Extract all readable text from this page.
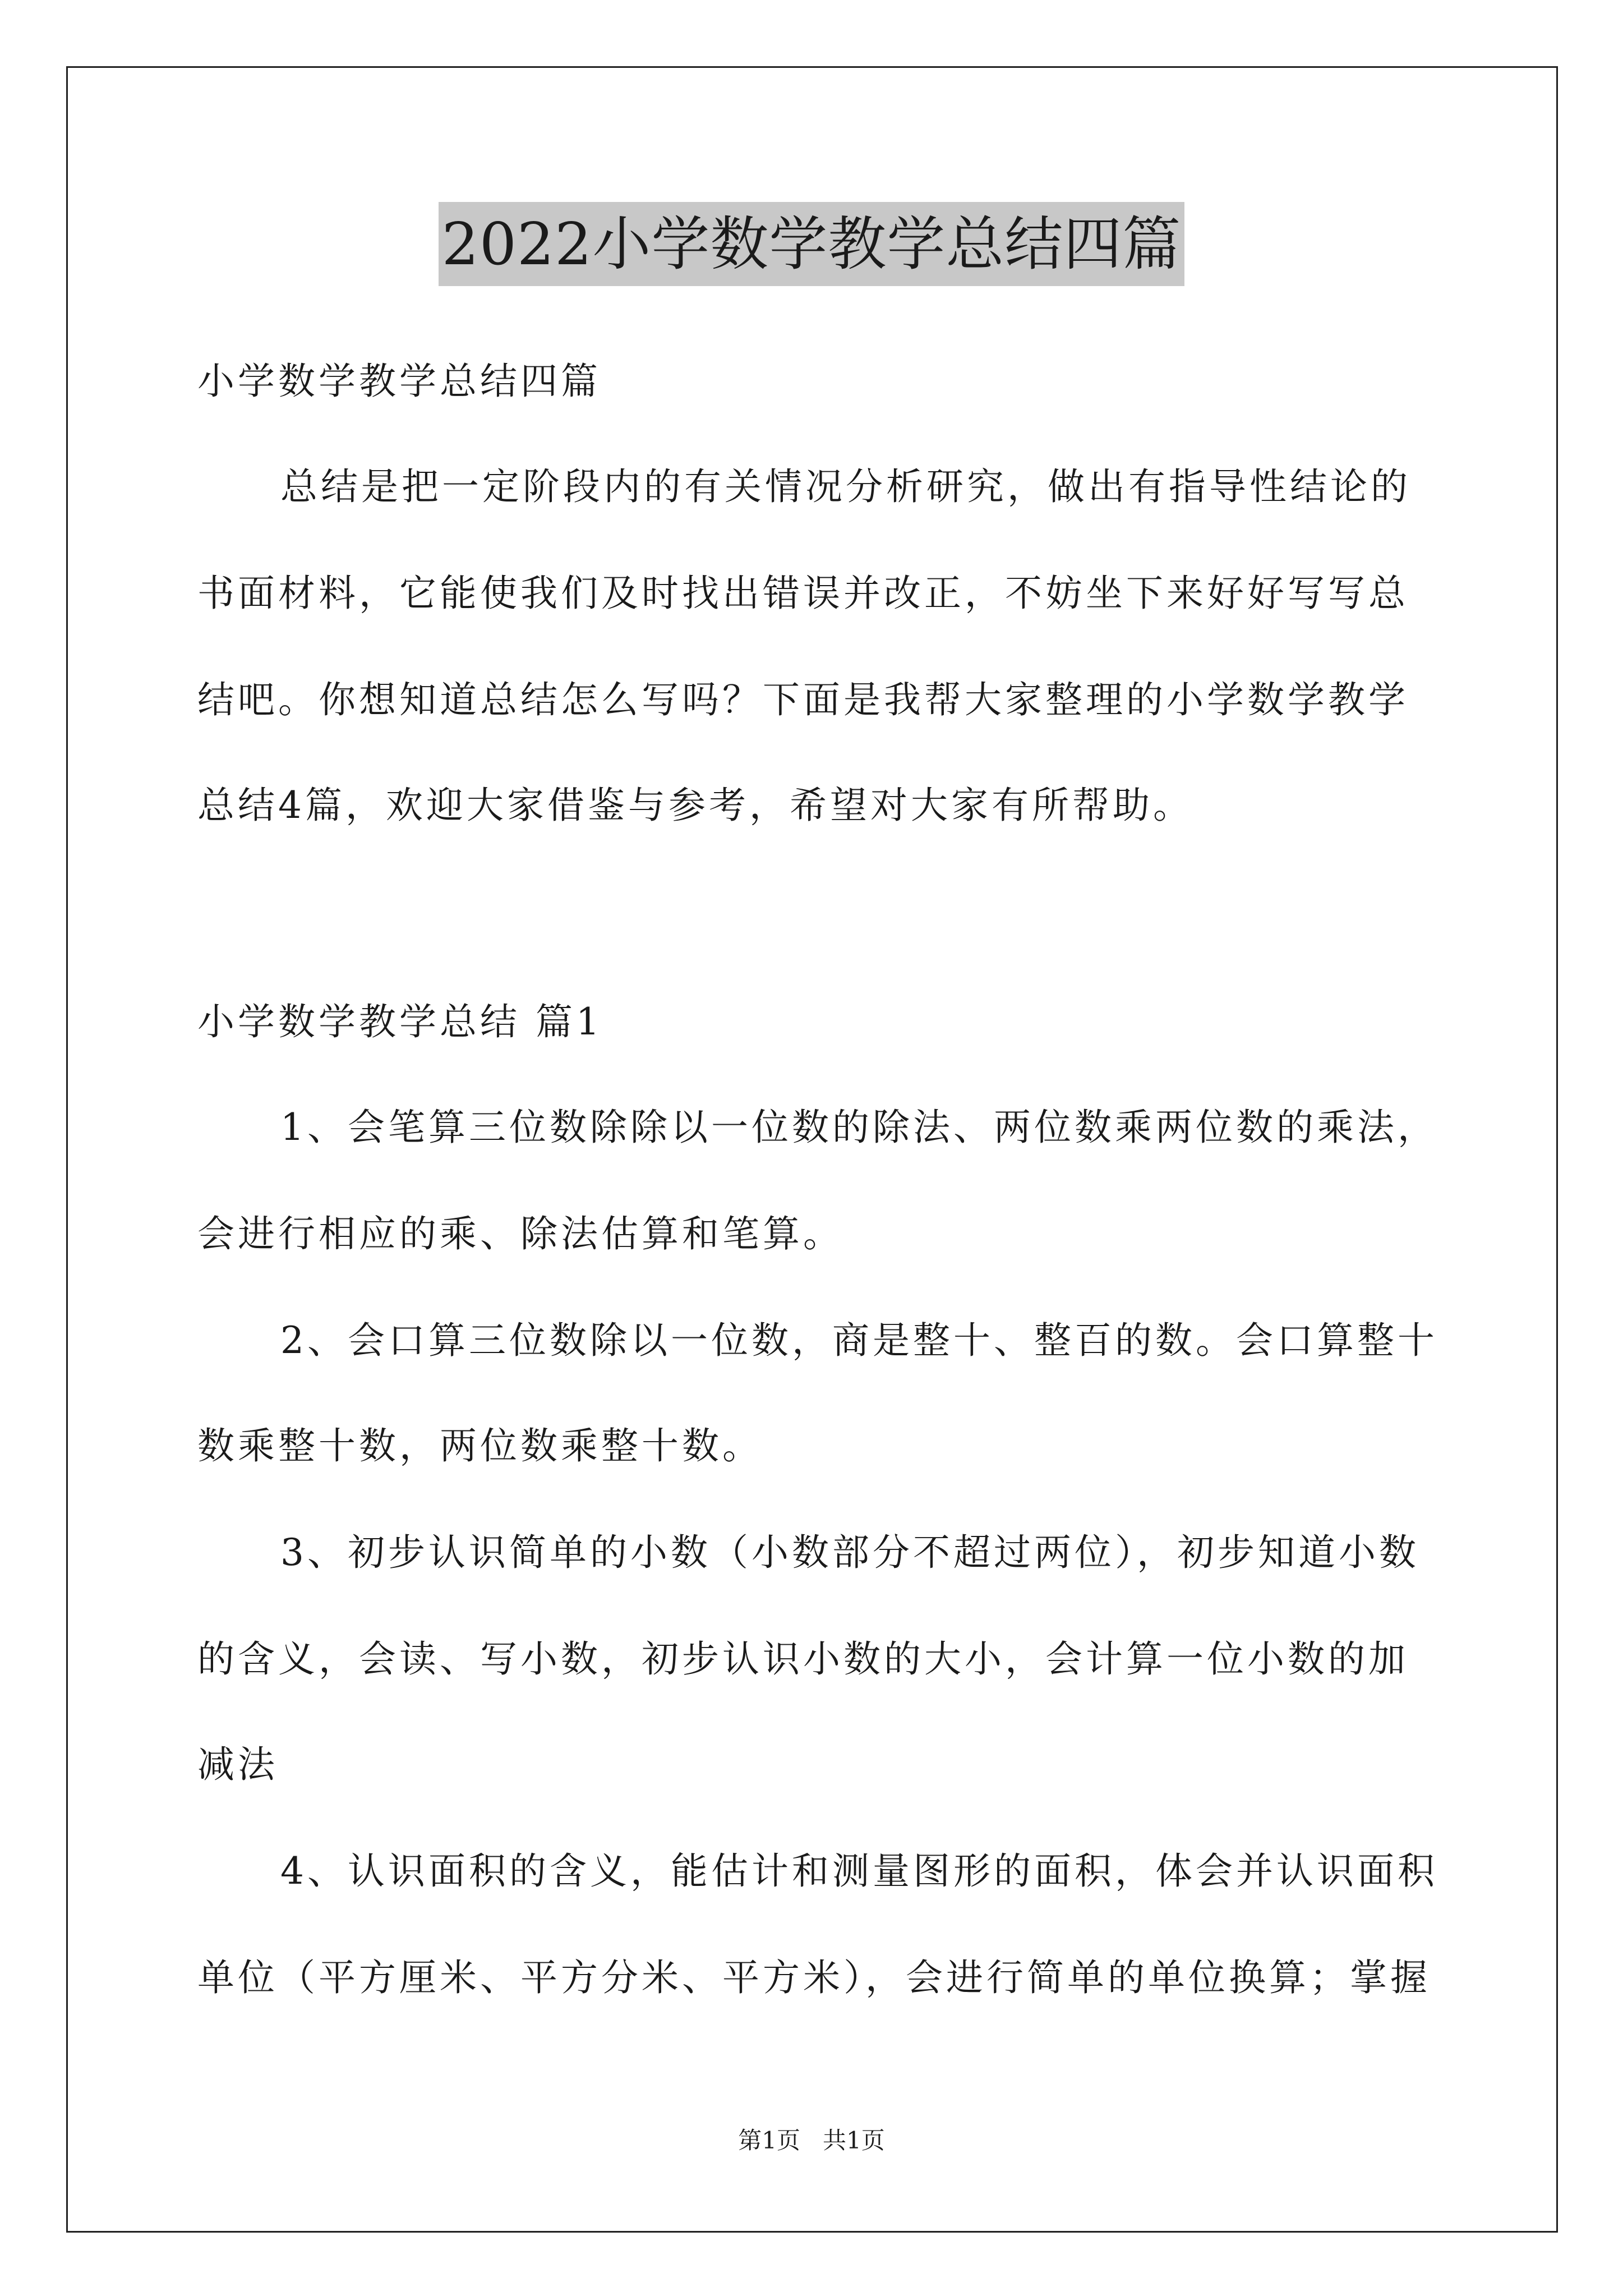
2022小学数学教学总结四篇
小学数学教学总结四篇
总结是把一定阶段内的有关情况分析研究，做出有指导性结论的
书面材料，它能使我们及时找出错误并改正，不妨坐下来好好写写总
结吧。你想知道总结怎么写吗？下面是我帮大家整理的小学数学教学
总结4篇，欢迎大家借鉴与参考，希望对大家有所帮助。
小学数学教学总结 篇1
1、会笔算三位数除除以一位数的除法、两位数乘两位数的乘法，
会进行相应的乘、除法估算和笔算。
2、会口算三位数除以一位数，商是整十、整百的数。会口算整十
数乘整十数，两位数乘整十数。
3、初步认识简单的小数（小数部分不超过两位），初步知道小数
的含义，会读、写小数，初步认识小数的大小，会计算一位小数的加
减法
4、认识面积的含义，能估计和测量图形的面积，体会并认识面积
单位（平方厘米、平方分米、平方米），会进行简单的单位换算；掌握
第1页   共1页
